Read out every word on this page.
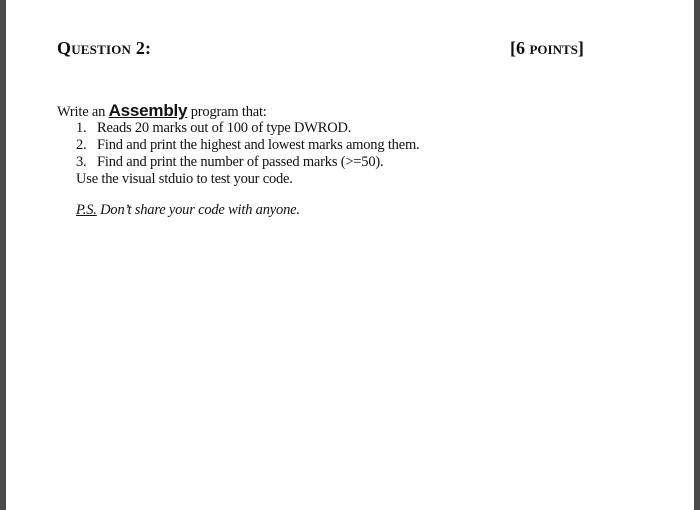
Question 2:	[6 points]
Write an Assembly program that:
1. Reads 20 marks out of 100 of type DWROD.
2. Find and print the highest and lowest marks among them.
3. Find and print the number of passed marks (>=50).
Use the visual stduio to test your code.
P.S. Don’t share your code with anyone.
